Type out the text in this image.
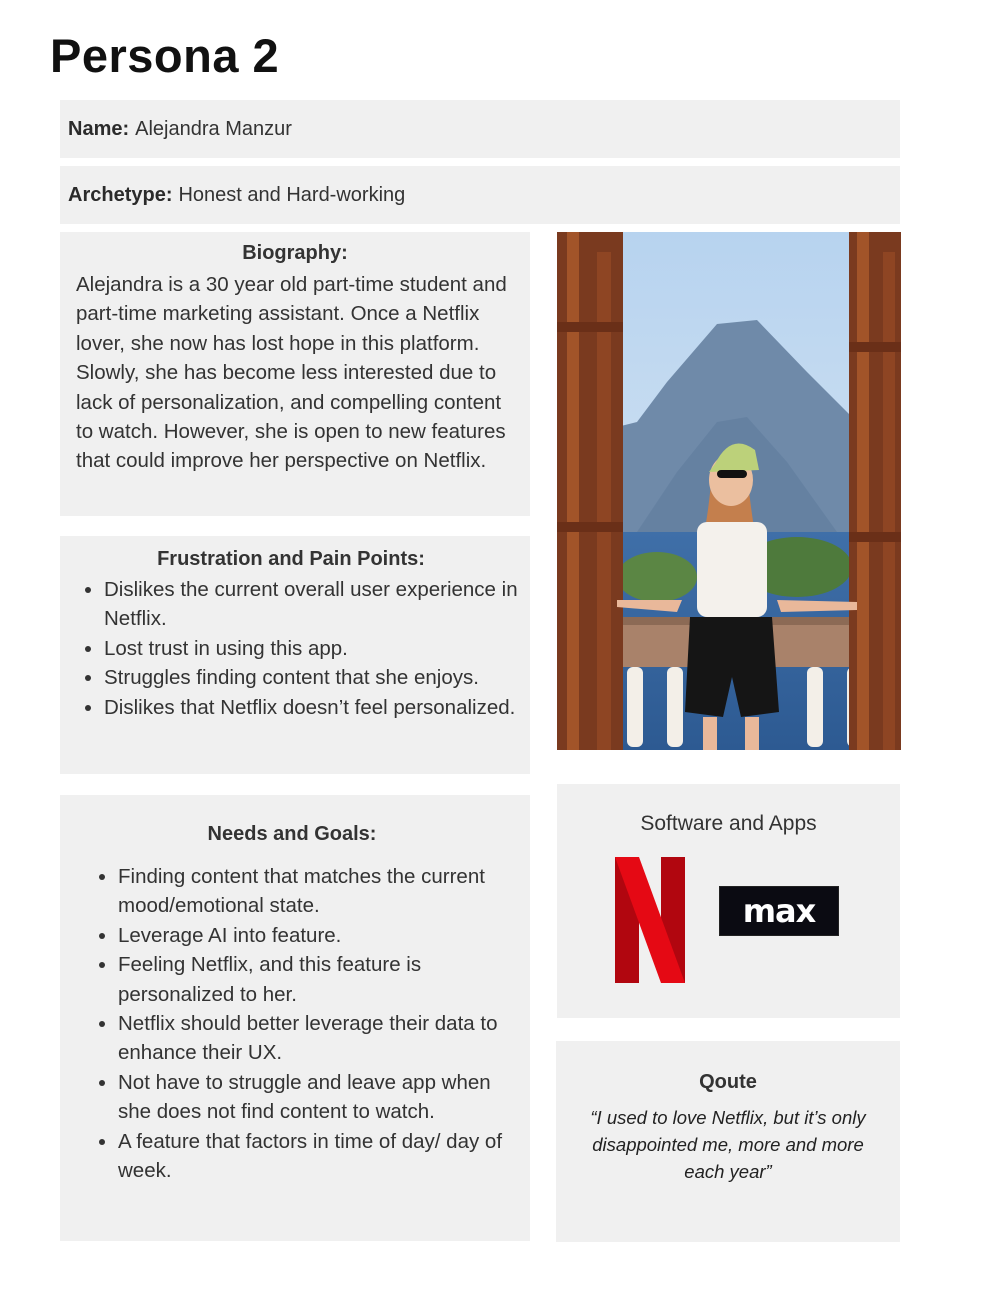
Persona 2
Name: Alejandra Manzur
Archetype: Honest and Hard-working
Biography:
Alejandra is a 30 year old part-time student and part-time marketing assistant. Once a Netflix lover, she now has lost hope in this platform. Slowly, she has become less interested due to lack of personalization, and compelling content to watch. However, she is open to new features that could improve her perspective on Netflix.
Frustration and Pain Points:
• Dislikes the current overall user experience in Netflix.
• Lost trust in using this app.
• Struggles finding content that she enjoys.
• Dislikes that Netflix doesn’t feel personalized.
Needs and Goals:
• Finding content that matches the current mood/emotional state.
• Leverage AI into feature.
• Feeling Netflix, and this feature is personalized to her.
• Netflix should better leverage their data to enhance their UX.
• Not have to struggle and leave app when she does not find content to watch.
• A feature that factors in time of day/ day of week.
Software and Apps
max
Qoute
“I used to love Netflix, but it’s only disappointed me, more and more each year”
